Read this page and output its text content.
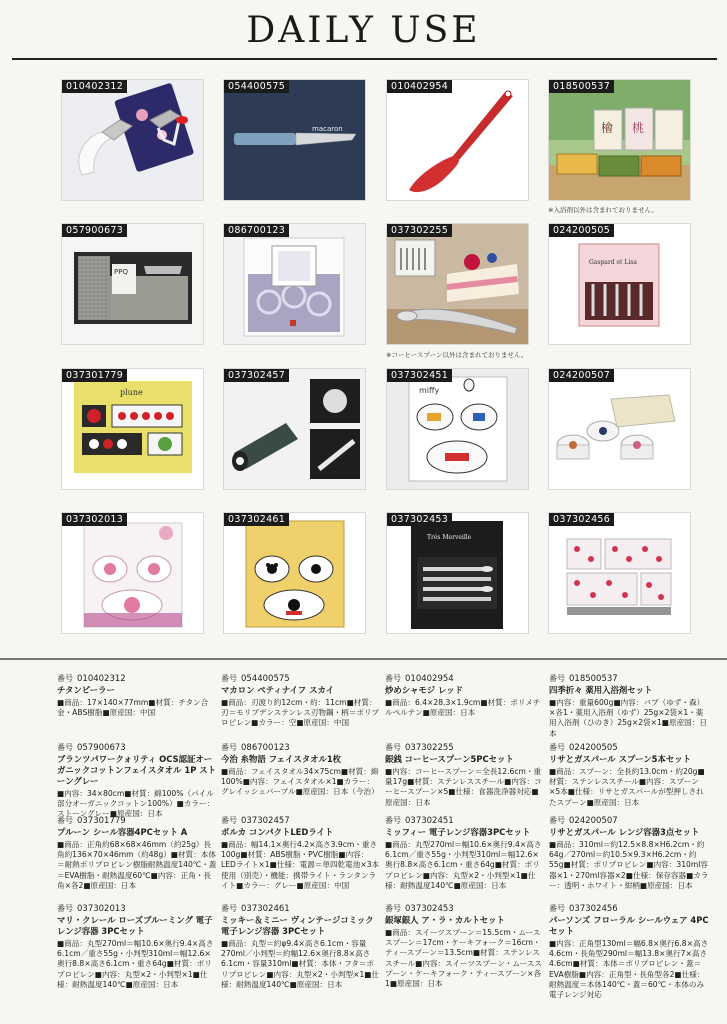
DAILY USE
010402312	054400575
macaron
010402954	018500537
檜 桃
※入浴剤以外は含まれておりません。
057900673
PPQ
086700123	037302255
※コーヒースプーン以外は含まれておりません。
024200505
Gaspard et Lisa
037301779
plune
037302457	037302451
miffy
024200507
037302013	037302461	037302453
Trés Merveille
037302456
番号 010402312
チタンピーラー
■商品：17×140×77mm■材質：チタン合金・ABS樹脂■原産国：中国
番号 054400575
マカロン ペティナイフ スカイ
■商品：刃渡り約12cm・約：11cm■材質：刃＝モリブデンステンレス刃物鋼・柄＝ポリプロピレン■カラー：空■原産国：中国
番号 010402954
炒めシャモジ レッド
■商品：6.4×28.3×1.9cm■材質：ポリメチルペルテン■原産国：日本
番号 018500537
四季折々 薬用入浴剤セット
■内容：重量600g■内容：バブ（ゆず・森）×各1・薬用入浴剤（ゆず）25g×2袋×1・薬用入浴剤（ひのき）25g×2袋×1■原産国：日本
番号 057900673
ブランツパワークォリティ OCS認証オーガニックコットンフェイスタオル 1P ストーングレー
■内容：34×80cm■材質：綿100%（パイル部分オーガニックコットン100%）■カラー：ストーングレー■原産国：日本
番号 086700123
今治 糸物語 フェイスタオル1枚
■商品：フェイスタオル34×75cm■材質：綿100%■内容：フェイスタオル×1■カラー：グレイッシュパープル■原産国：日本（今治）
番号 037302255
銀銭 コーヒースプーン5PCセット
■内容：コーヒースプーン＝全長12.6cm・重量17g■材質：ステンレススチール■内容：コーヒースプーン×5■仕様：食器洗浄器対応■原産国：日本
番号 024200505
リサとガスパール スプーン5本セット
■商品：スプーン：全長約13.0cm・約20g■材質：ステンレススチール■内容：スプーン×5本■仕様：リサとガスパールが型押しされたスプーン■原産国：日本
番号 037301779
プルーン シール容器4PCセット A
■商品：正角約68×68×46mm（約25g）長角約136×70×46mm（約48g）■材質：本体＝耐熱ポリプロピレン樹脂耐熱温度140℃・蓋＝EVA樹脂・耐熱温度60℃■内容：正角・長角×各2■原産国：日本
番号 037302457
ポルカ コンパクトLEDライト
■商品：幅14.1×奥行4.2×高さ3.9cm・重さ100g■材質：ABS樹脂・PVC樹脂■内容：LEDライト×1■仕様：電源＝単四乾電池×3本使用（別売）・機能：携帯ライト・ランタンライト■カラー：グレー■原産国：中国
番号 037302451
ミッフィー 電子レンジ容器3PCセット
■商品：丸型270ml＝幅10.6×奥行9.4×高さ6.1cm／重さ55g・小判型310ml＝幅12.6×奥行8.8×高さ6.1cm・重さ64g■材質：ポリプロピレン■内容：丸型×2・小判型×1■仕様：耐熱温度140℃■原産国：日本
番号 024200507
リサとガスパール レンジ容器3点セット
■商品：310ml＝約12.5×8.8×H6.2cm・約64g／270ml＝約10.5×9.3×H6.2cm・約55g■材質：ポリプロピレン■内容：310ml容器×1・270ml容器×2■仕様：保存容器■カラー：透明・ホワイト・紺柄■原産国：日本
番号 037302013
マリ・クレール ローズブルーミング 電子レンジ容器 3PCセット
■商品：丸型270ml＝幅10.6×奥行9.4×高さ6.1cm／重さ55g・小判型310ml＝幅12.6×奥行8.8×高さ6.1cm・重さ64g■材質：ポリプロピレン■内容：丸型×2・小判型×1■仕様：耐熱温度140℃■原産国：日本
番号 037302461
ミッキー＆ミニー ヴィンテージコミック 電子レンジ容器 3PCセット
■商品：丸型＝約φ9.4×高さ6.1cm・容量270ml／小判型＝約幅12.6×奥行8.8×高さ6.1cm・容量310ml■材質：本体・フタ＝ポリプロピレン■内容：丸型×2・小判型×1■仕様：耐熱温度140℃■原産国：日本
番号 037302453
銀塚銀人 ア・ラ・カルトセット
■商品：スイーツスプーン＝15.5cm・ムース スプーン＝17cm・ケーキフォーク＝16cm・ティースプーン＝13.5cm■材質：ステンレススチール■内容：スイーツスプーン・ムーススプーン・ケーキフォーク・ティースプーン×各1■原産国：日本
番号 037302456
パーソンズ フローラル シールウェア 4PCセット
■内容：正角型130ml＝幅6.8×奥行6.8×高さ4.6cm・長角型290ml＝幅13.8×奥行7×高さ4.6cm■材質：本体＝ポリプロピレン・蓋＝EVA樹脂■内容：正角型・長角型各2■仕様：耐熱温度＝本体140℃・蓋＝60℃・本体のみ電子レンジ対応
